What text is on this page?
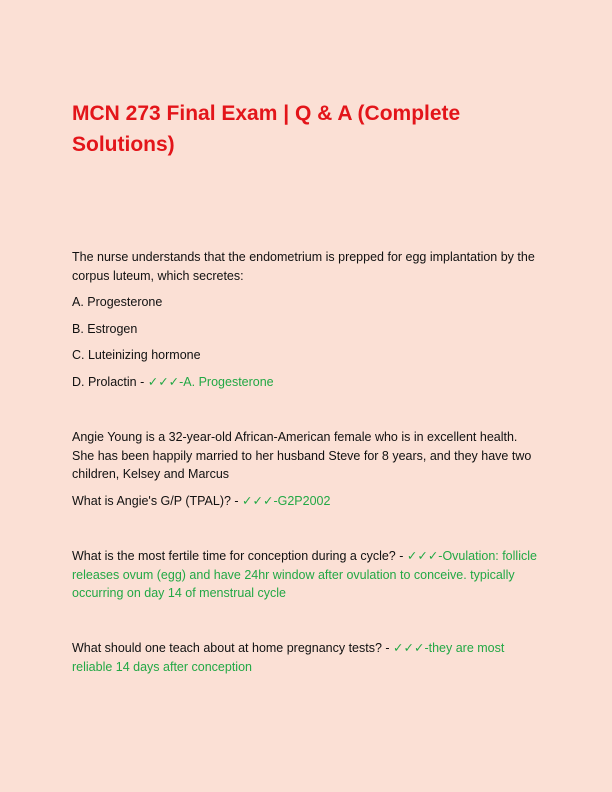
MCN 273 Final Exam | Q & A (Complete Solutions)

The nurse understands that the endometrium is prepped for egg implantation by the corpus luteum, which secretes:

A. Progesterone

B. Estrogen

C. Luteinizing hormone

D. Prolactin - ✓✓✓-A. Progesterone

Angie Young is a 32-year-old African-American female who is in excellent health. She has been happily married to her husband Steve for 8 years, and they have two children, Kelsey and Marcus

What is Angie's G/P (TPAL)? - ✓✓✓-G2P2002

What is the most fertile time for conception during a cycle? - ✓✓✓-Ovulation: follicle releases ovum (egg) and have 24hr window after ovulation to conceive. typically occurring on day 14 of menstrual cycle

What should one teach about at home pregnancy tests? - ✓✓✓-they are most reliable 14 days after conception
